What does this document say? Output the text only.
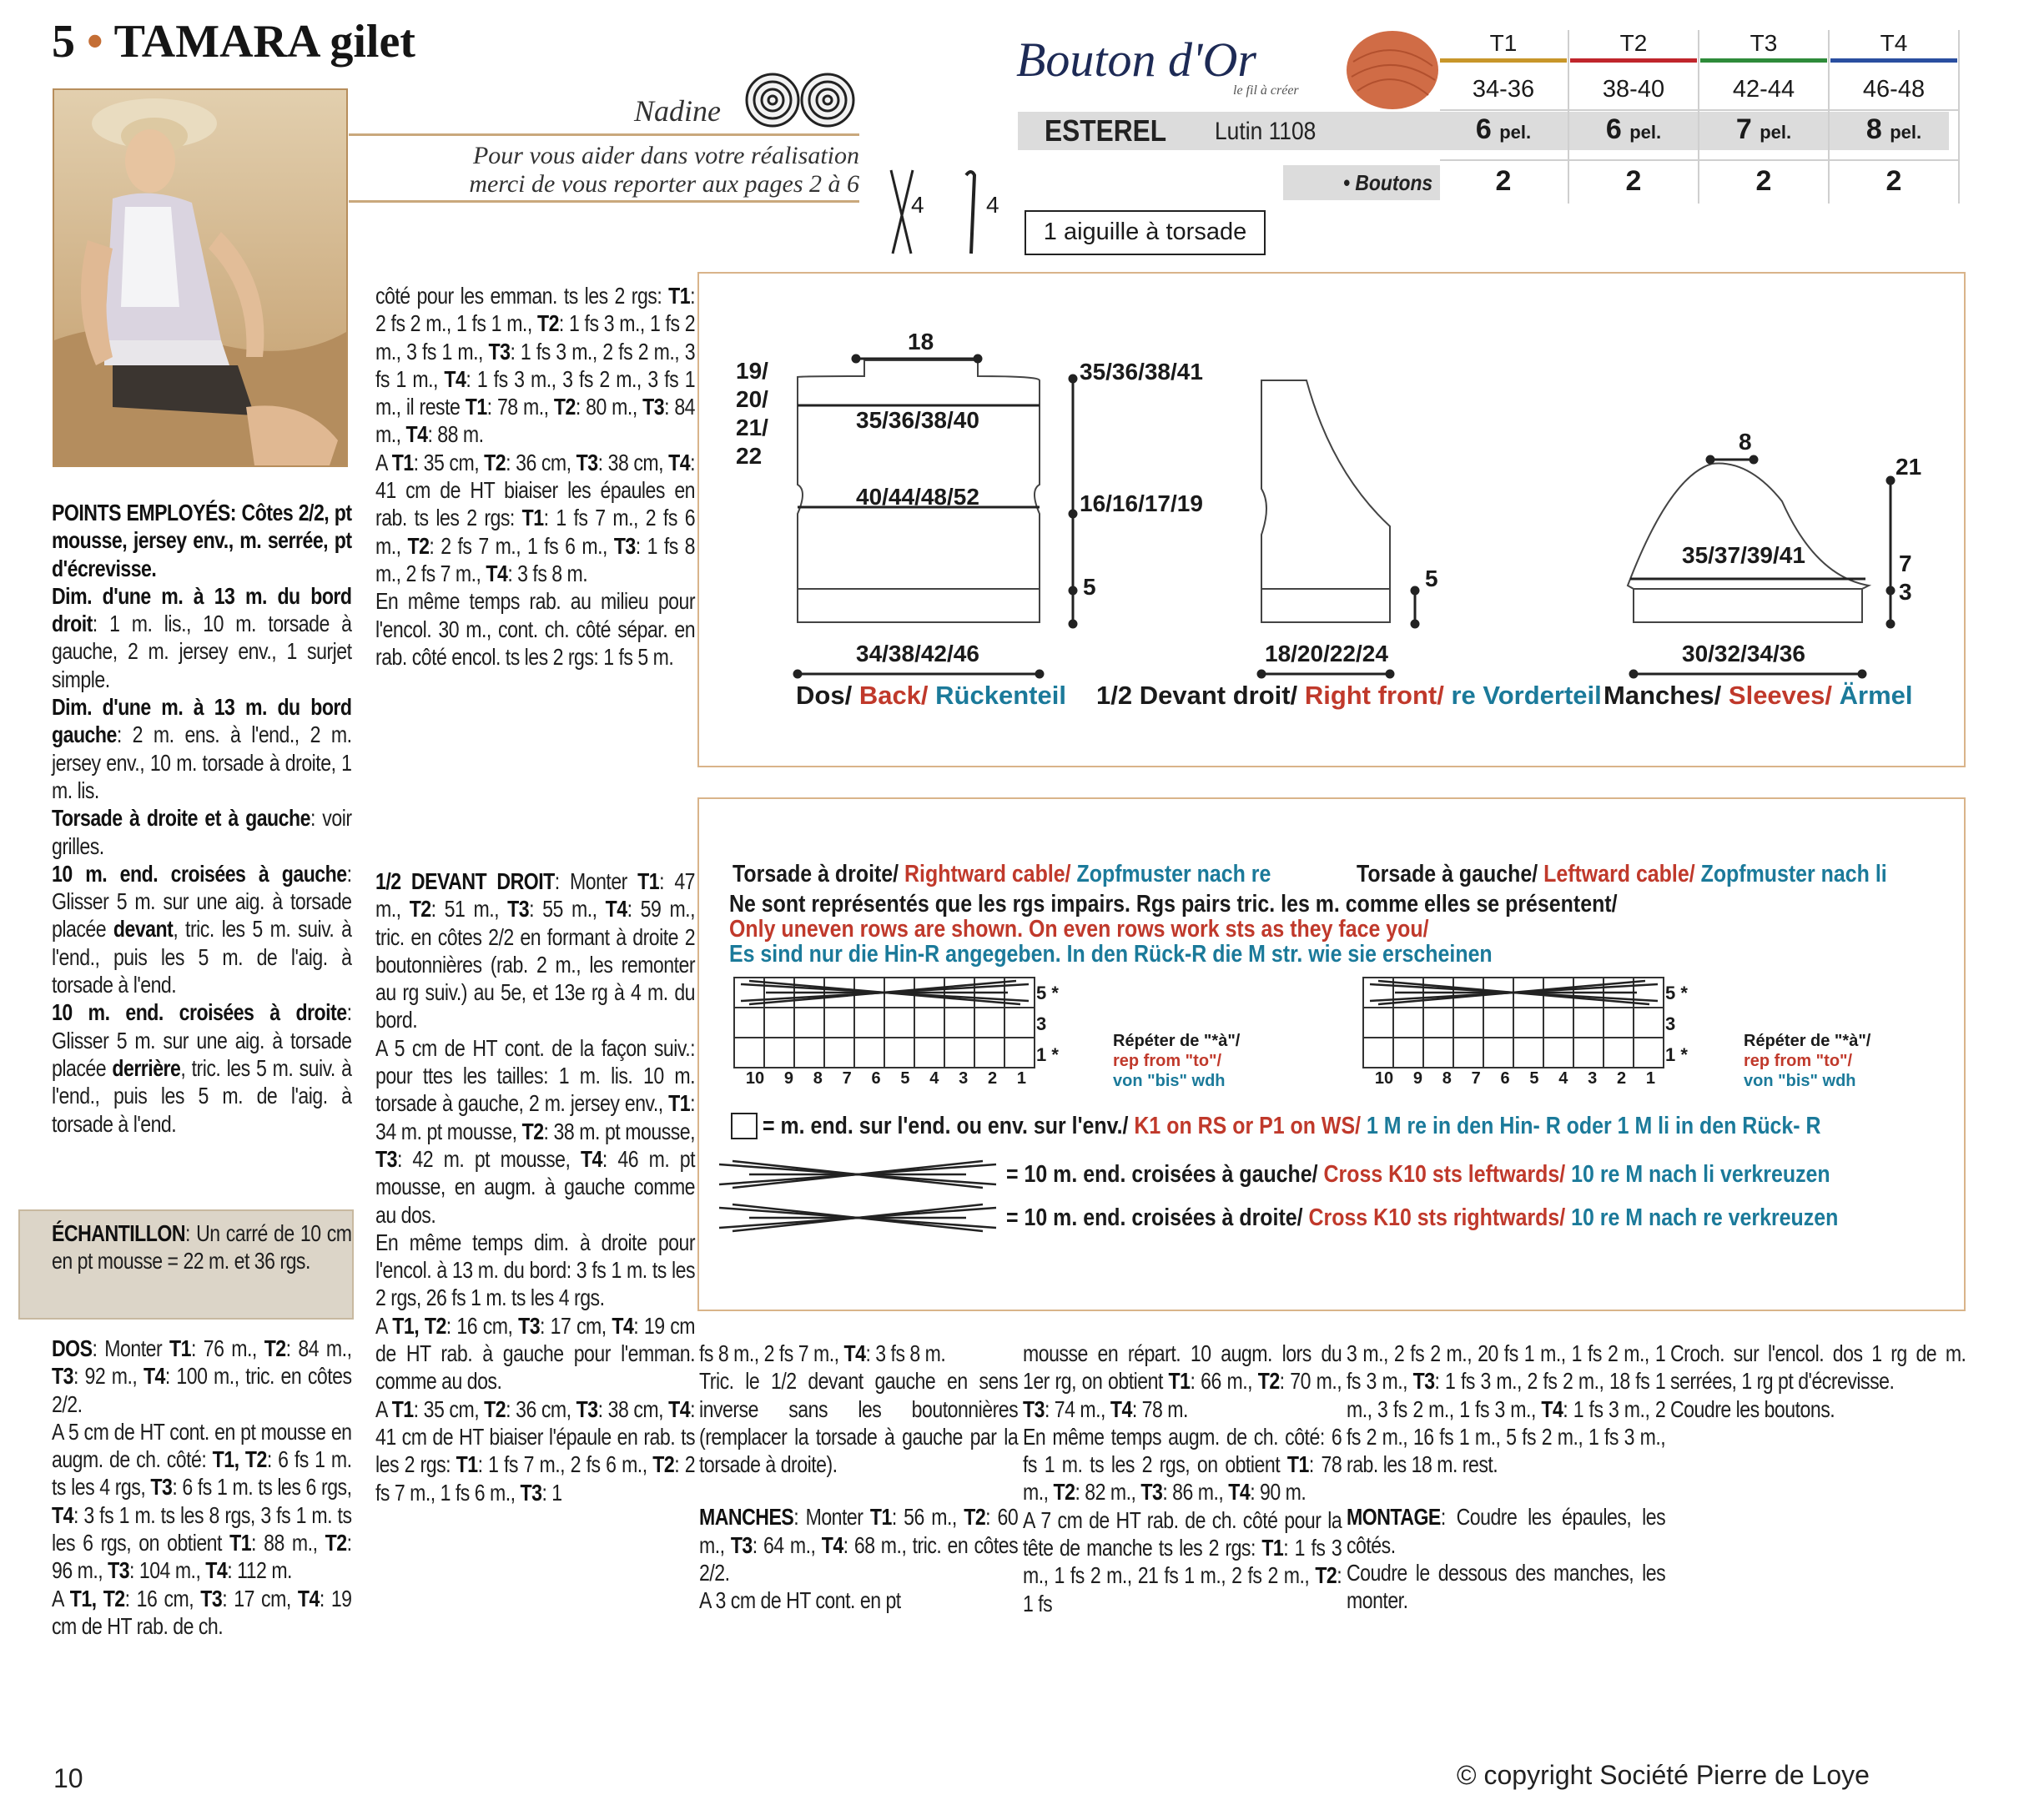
5 • TAMARA gilet
Nadine
Pour vous aider dans votre réalisation
merci de vous reporter aux pages 2 à 6
4	4
1 aiguille à torsade
Bouton d'Or
le fil à créer
T1	T2	T3	T4
34-36	38-40	42-44	46-48
ESTEREL Lutin 1108	6 pel.	6 pel.	7 pel.	8 pel.
• Boutons	2	2	2	2
18
19/
20/
21/
22
35/36/38/41
35/36/38/40
40/44/48/52	16/16/17/19
5
34/38/42/46
Dos/ Back/ Rückenteil
5
18/20/22/24
1/2 Devant droit/ Right front/ re Vorderteil
8
21
35/37/39/41	7
3
30/32/34/36
Manches/ Sleeves/ Ärmel
Torsade à droite/ Rightward cable/ Zopfmuster nach re	Torsade à gauche/ Leftward cable/ Zopfmuster nach li
Ne sont représentés que les rgs impairs. Rgs pairs tric. les m. comme elles se présentent/
Only uneven rows are shown. On even rows work sts as they face you/
Es sind nur die Hin-R angegeben. In den Rück-R die M str. wie sie erscheinen
5 *
3
1 *
10 9 8 7 6 5 4 3 2 1
Répéter de "*à"/
rep from "to"/
von "bis" wdh
5 *
3
1 *
10 9 8 7 6 5 4 3 2 1
Répéter de "*à"/
rep from "to"/
von "bis" wdh
= m. end. sur l'end. ou env. sur l'env./ K1 on RS or P1 on WS/ 1 M re in den Hin- R oder 1 M li in den Rück- R
= 10 m. end. croisées à gauche/ Cross K10 sts leftwards/ 10 re M nach li verkreuzen
= 10 m. end. croisées à droite/ Cross K10 sts rightwards/ 10 re M nach re verkreuzen

POINTS EMPLOYÉS: Côtes 2/2, pt mousse, jersey env., m. serrée, pt d'écrevisse.

Dim. d'une m. à 13 m. du bord droit: 1 m. lis., 10 m. torsade à gauche, 2 m. jersey env., 1 surjet simple.

Dim. d'une m. à 13 m. du bord gauche: 2 m. ens. à l'end., 2 m. jersey env., 10 m. torsade à droite, 1 m. lis.

Torsade à droite et à gauche: voir grilles.

10 m. end. croisées à gauche: Glisser 5 m. sur une aig. à torsade placée devant, tric. les 5 m. suiv. à l'end., puis les 5 m. de l'aig. à torsade à l'end.

10 m. end. croisées à droite: Glisser 5 m. sur une aig. à torsade placée derrière, tric. les 5 m. suiv. à l'end., puis les 5 m. de l'aig. à torsade à l'end.

ÉCHANTILLON: Un carré de 10 cm en pt mousse = 22 m. et 36 rgs.
DOS: Monter T1: 76 m., T2: 84 m., T3: 92 m., T4: 100 m., tric. en côtes 2/2.
A 5 cm de HT cont. en pt mousse en augm. de ch. côté: T1, T2: 6 fs 1 m. ts les 4 rgs, T3: 6 fs 1 m. ts les 6 rgs, T4: 3 fs 1 m. ts les 8 rgs, 3 fs 1 m. ts les 6 rgs, on obtient T1: 88 m., T2: 96 m., T3: 104 m., T4: 112 m.
A T1, T2: 16 cm, T3: 17 cm, T4: 19 cm de HT rab. de ch.
côté pour les emman. ts les 2 rgs: T1: 2 fs 2 m., 1 fs 1 m., T2: 1 fs 3 m., 1 fs 2 m., 3 fs 1 m., T3: 1 fs 3 m., 2 fs 2 m., 3 fs 1 m., T4: 1 fs 3 m., 3 fs 2 m., 3 fs 1 m., il reste T1: 78 m., T2: 80 m., T3: 84 m., T4: 88 m.
A T1: 35 cm, T2: 36 cm, T3: 38 cm, T4: 41 cm de HT biaiser les épaules en rab. ts les 2 rgs: T1: 1 fs 7 m., 2 fs 6 m., T2: 2 fs 7 m., 1 fs 6 m., T3: 1 fs 8 m., 2 fs 7 m., T4: 3 fs 8 m.
En même temps rab. au milieu pour l'encol. 30 m., cont. ch. côté sépar. en rab. côté encol. ts les 2 rgs: 1 fs 5 m.
1/2 DEVANT DROIT: Monter T1: 47 m., T2: 51 m., T3: 55 m., T4: 59 m., tric. en côtes 2/2 en formant à droite 2 boutonnières (rab. 2 m., les remonter au rg suiv.) au 5e, et 13e rg à 4 m. du bord.
A 5 cm de HT cont. de la façon suiv.: pour ttes les tailles: 1 m. lis. 10 m. torsade à gauche, 2 m. jersey env., T1: 34 m. pt mousse, T2: 38 m. pt mousse, T3: 42 m. pt mousse, T4: 46 m. pt mousse, en augm. à gauche comme au dos.
En même temps dim. à droite pour l'encol. à 13 m. du bord: 3 fs 1 m. ts les 2 rgs, 26 fs 1 m. ts les 4 rgs.
A T1, T2: 16 cm, T3: 17 cm, T4: 19 cm de HT rab. à gauche pour l'emman. comme au dos.
A T1: 35 cm, T2: 36 cm, T3: 38 cm, T4: 41 cm de HT biaiser l'épaule en rab. ts les 2 rgs: T1: 1 fs 7 m., 2 fs 6 m., T2: 2 fs 7 m., 1 fs 6 m., T3: 1
fs 8 m., 2 fs 7 m., T4: 3 fs 8 m.
Tric. le 1/2 devant gauche en sens inverse sans les boutonnières (remplacer la torsade à gauche par la torsade à droite).
MANCHES: Monter T1: 56 m., T2: 60 m., T3: 64 m., T4: 68 m., tric. en côtes 2/2.
A 3 cm de HT cont. en pt
mousse en répart. 10 augm. lors du 1er rg, on obtient T1: 66 m., T2: 70 m., T3: 74 m., T4: 78 m.
En même temps augm. de ch. côté: 6 fs 1 m. ts les 2 rgs, on obtient T1: 78 m., T2: 82 m., T3: 86 m., T4: 90 m.
A 7 cm de HT rab. de ch. côté pour la tête de manche ts les 2 rgs: T1: 1 fs 3 m., 1 fs 2 m., 21 fs 1 m., 2 fs 2 m., T2: 1 fs
3 m., 2 fs 2 m., 20 fs 1 m., 1 fs 2 m., 1 fs 3 m., T3: 1 fs 3 m., 2 fs 2 m., 18 fs 1 m., 3 fs 2 m., 1 fs 3 m., T4: 1 fs 3 m., 2 fs 2 m., 16 fs 1 m., 5 fs 2 m., 1 fs 3 m., rab. les 18 m. rest.
MONTAGE: Coudre les épaules, les côtés.
Coudre le dessous des manches, les monter.
Croch. sur l'encol. dos 1 rg de m. serrées, 1 rg pt d'écrevisse.
Coudre les boutons.
10	© copyright Société Pierre de Loye
